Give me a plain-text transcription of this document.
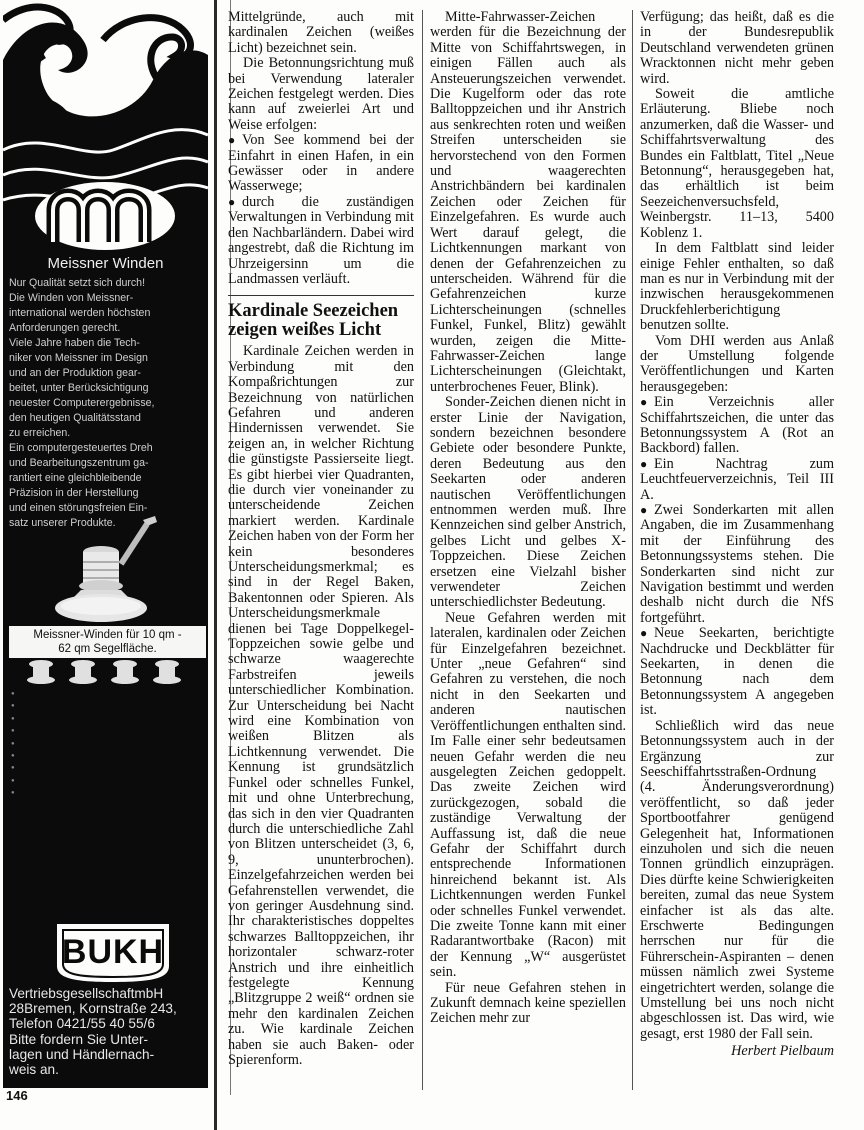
Meissner Winden
Nur Qualität setzt sich durch!
Die Winden von Meissner-
international werden höchsten
Anforderungen gerecht.
Viele Jahre haben die Tech-
niker von Meissner im Design
und an der Produktion gear-
beitet, unter Berücksichtigung
neuester Computerergebnisse,
den heutigen Qualitätsstand
zu erreichen.
Ein computergesteuertes Dreh
und Bearbeitungszentrum ga-
rantiert eine gleichbleibende
Präzision in der Herstellung
und einen störungsfreien Ein-
satz unserer Produkte.
Meissner-Winden für 10 qm -
62 qm Segelfläche.
●
●
●
●
●
●
●
●
●
BUKH
VertriebsgesellschaftmbH
28Bremen, Kornstraße 243,
Telefon 0421/55 40 55/6
Bitte fordern Sie Unter-
lagen und Händlernach-
weis an.

Mittelgründe, auch mit kardinalen Zeichen (weißes Licht) bezeichnet sein.

Die Betonnungsrichtung muß bei Verwendung lateraler Zeichen festgelegt werden. Dies kann auf zweierlei Art und Weise erfolgen:

● Von See kommend bei der Einfahrt in einen Hafen, in ein Gewässer oder in andere Wasserwege;

● durch die zuständigen Verwaltungen in Verbindung mit den Nachbarländern. Dabei wird angestrebt, daß die Richtung im Uhrzeigersinn um die Landmassen verläuft.

Kardinale Seezeichen zeigen weißes Licht

Kardinale Zeichen werden in Verbindung mit den Kompaßrichtungen zur Bezeichnung von natürlichen Gefahren und anderen Hindernissen verwendet. Sie zeigen an, in welcher Richtung die günstigste Passierseite liegt. Es gibt hierbei vier Quadranten, die durch vier voneinander zu unterscheidende Zeichen markiert werden. Kardinale Zeichen haben von der Form her kein besonderes Unterscheidungsmerkmal; es sind in der Regel Baken, Bakentonnen oder Spieren. Als Unterscheidungsmerkmale dienen bei Tage Doppelkegel-Toppzeichen sowie gelbe und schwarze waagerechte Farbstreifen jeweils unterschiedlicher Kombination. Zur Unterscheidung bei Nacht wird eine Kombination von weißen Blitzen als Lichtkennung verwendet. Die Kennung ist grundsätzlich Funkel oder schnelles Funkel, mit und ohne Unterbrechung, das sich in den vier Quadranten durch die unterschiedliche Zahl von Blitzen unterscheidet (3, 6, 9, ununterbrochen). Einzelgefahrzeichen werden bei Gefahrenstellen verwendet, die von geringer Ausdehnung sind. Ihr charakteristisches doppeltes schwarzes Balltoppzeichen, ihr horizontaler schwarz-roter Anstrich und ihre einheitlich festgelegte Kennung „Blitzgruppe 2 weiß“ ordnen sie mehr den kardinalen Zeichen zu. Wie kardinale Zeichen haben sie auch Baken- oder Spierenform.

Mitte-Fahrwasser-Zeichen werden für die Bezeichnung der Mitte von Schiffahrtswegen, in einigen Fällen auch als Ansteuerungszeichen verwendet. Die Kugelform oder das rote Balltoppzeichen und ihr Anstrich aus senkrechten roten und weißen Streifen unterscheiden sie hervorstechend von den Formen und waagerechten Anstrichbändern bei kardinalen Zeichen oder Zeichen für Einzelgefahren. Es wurde auch Wert darauf gelegt, die Lichtkennungen markant von denen der Gefahrenzeichen zu unterscheiden. Während für die Gefahrenzeichen kurze Lichterscheinungen (schnelles Funkel, Funkel, Blitz) gewählt wurden, zeigen die Mitte-Fahrwasser-Zeichen lange Lichterscheinungen (Gleichtakt, unterbrochenes Feuer, Blink).

Sonder-Zeichen dienen nicht in erster Linie der Navigation, sondern bezeichnen besondere Gebiete oder besondere Punkte, deren Bedeutung aus den Seekarten oder anderen nautischen Veröffentlichungen entnommen werden muß. Ihre Kennzeichen sind gelber Anstrich, gelbes Licht und gelbes X-Toppzeichen. Diese Zeichen ersetzen eine Vielzahl bisher verwendeter Zeichen unterschiedlichster Bedeutung.

Neue Gefahren werden mit lateralen, kardinalen oder Zeichen für Einzelgefahren bezeichnet. Unter „neue Gefahren“ sind Gefahren zu verstehen, die noch nicht in den Seekarten und anderen nautischen Veröffentlichungen enthalten sind. Im Falle einer sehr bedeutsamen neuen Gefahr werden die neu ausgelegten Zeichen gedoppelt. Das zweite Zeichen wird zurückgezogen, sobald die zuständige Verwaltung der Auffassung ist, daß die neue Gefahr der Schiffahrt durch entsprechende Informationen hinreichend bekannt ist. Als Lichtkennungen werden Funkel oder schnelles Funkel verwendet. Die zweite Tonne kann mit einer Radarantwortbake (Racon) mit der Kennung „W“ ausgerüstet sein.

Für neue Gefahren stehen in Zukunft demnach keine speziellen Zeichen mehr zur

Verfügung; das heißt, daß es die in der Bundesrepublik Deutschland verwendeten grünen Wracktonnen nicht mehr geben wird.

Soweit die amtliche Erläuterung. Bliebe noch anzumerken, daß die Wasser- und Schiffahrtsverwaltung des Bundes ein Faltblatt, Titel „Neue Betonnung“, herausgegeben hat, das erhältlich ist beim Seezeichenversuchsfeld, Weinbergstr. 11–13, 5400 Koblenz 1.

In dem Faltblatt sind leider einige Fehler enthalten, so daß man es nur in Verbindung mit der inzwischen herausgekommenen Druckfehlerberichtigung benutzen sollte.

Vom DHI werden aus Anlaß der Umstellung folgende Veröffentlichungen und Karten herausgegeben:

● Ein Verzeichnis aller Schiffahrtszeichen, die unter das Betonnungssystem A (Rot an Backbord) fallen.

● Ein Nachtrag zum Leuchtfeuerverzeichnis, Teil III A.

● Zwei Sonderkarten mit allen Angaben, die im Zusammenhang mit der Einführung des Betonnungssystems stehen. Die Sonderkarten sind nicht zur Navigation bestimmt und werden deshalb nicht durch die NfS fortgeführt.

● Neue Seekarten, berichtigte Nachdrucke und Deckblätter für Seekarten, in denen die Betonnung nach dem Betonnungssystem A angegeben ist.

Schließlich wird das neue Betonnungssystem auch in der Ergänzung zur Seeschiffahrtsstraßen-Ordnung (4. Änderungsverordnung) veröffentlicht, so daß jeder Sportbootfahrer genügend Gelegenheit hat, Informationen einzuholen und sich die neuen Tonnen gründlich einzuprägen. Dies dürfte keine Schwierigkeiten bereiten, zumal das neue System einfacher ist als das alte. Erschwerte Bedingungen herrschen nur für die Führerschein-Aspiranten – denen müssen nämlich zwei Systeme eingetrichtert werden, solange die Umstellung bei uns noch nicht abgeschlossen ist. Das wird, wie gesagt, erst 1980 der Fall sein.

Herbert Pielbaum
146
